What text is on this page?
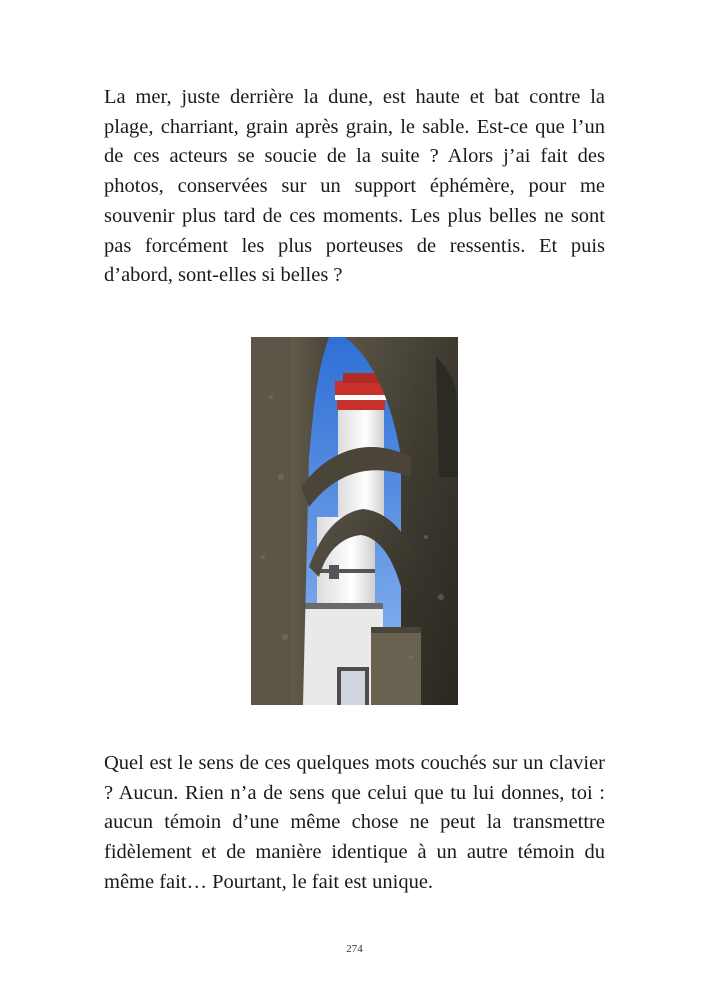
La mer, juste derrière la dune, est haute et bat contre la plage, charriant, grain après grain, le sable. Est-ce que l’un de ces acteurs se soucie de la suite ? Alors j’ai fait des photos, conservées sur un support éphémère, pour me souvenir plus tard de ces moments. Les plus belles ne sont pas forcément les plus porteuses de ressentis. Et puis d’abord, sont-elles si belles ?

Quel est le sens de ces quelques mots couchés sur un clavier ? Aucun. Rien n’a de sens que celui que tu lui donnes, toi : aucun témoin d’une même chose ne peut la transmettre fidèlement et de manière identique à un autre témoin du même fait… Pourtant, le fait est unique.

274
